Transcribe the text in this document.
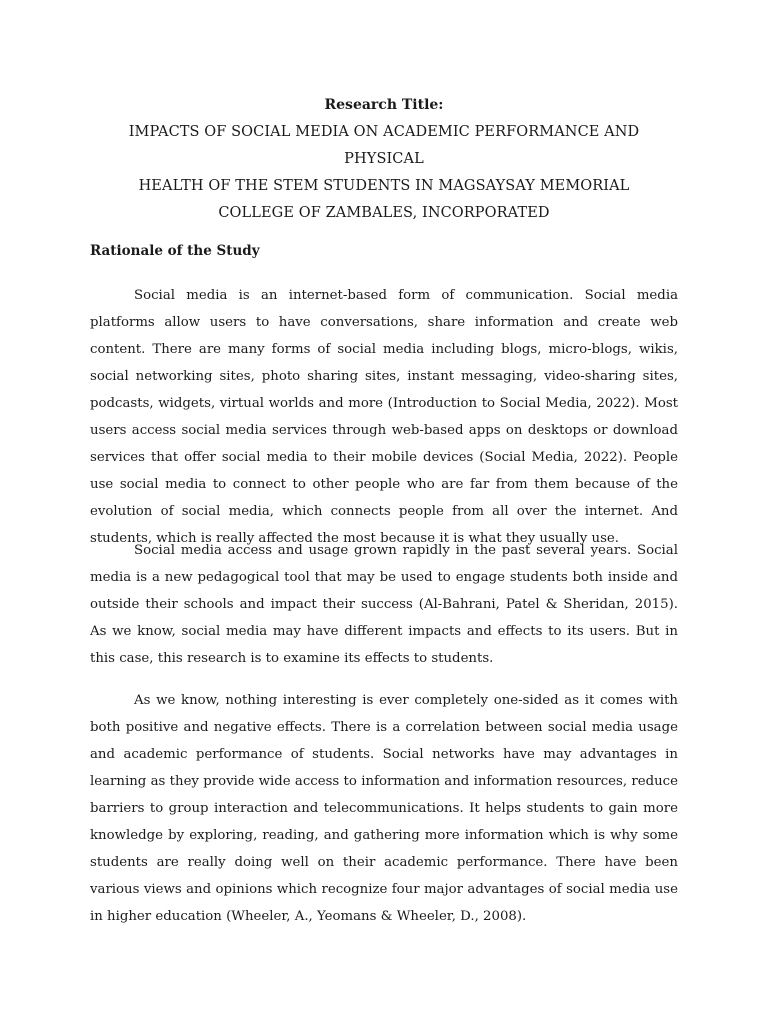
Research Title:
IMPACTS OF SOCIAL MEDIA ON ACADEMIC PERFORMANCE AND PHYSICAL
HEALTH OF THE STEM STUDENTS IN MAGSAYSAY MEMORIAL
COLLEGE OF ZAMBALES, INCORPORATED
Rationale of the Study

Social media is an internet-based form of communication. Social media platforms allow users to have conversations, share information and create web content. There are many forms of social media including blogs, micro-blogs, wikis, social networking sites, photo sharing sites, instant messaging, video-sharing sites, podcasts, widgets, virtual worlds and more (Introduction to Social Media, 2022). Most users access social media services through web-based apps on desktops or download services that offer social media to their mobile devices (Social Media, 2022). People use social media to connect to other people who are far from them because of the evolution of social media, which connects people from all over the internet. And students, which is really affected the most because it is what they usually use.

Social media access and usage grown rapidly in the past several years. Social media is a new pedagogical tool that may be used to engage students both inside and outside their schools and impact their success (Al-Bahrani, Patel & Sheridan, 2015). As we know, social media may have different impacts and effects to its users. But in this case, this research is to examine its effects to students.

As we know, nothing interesting is ever completely one-sided as it comes with both positive and negative effects. There is a correlation between social media usage and academic performance of students. Social networks have may advantages in learning as they provide wide access to information and information resources, reduce barriers to group interaction and telecommunications. It helps students to gain more knowledge by exploring, reading, and gathering more information which is why some students are really doing well on their academic performance. There have been various views and opinions which recognize four major advantages of social media use in higher education (Wheeler, A., Yeomans & Wheeler, D., 2008).
